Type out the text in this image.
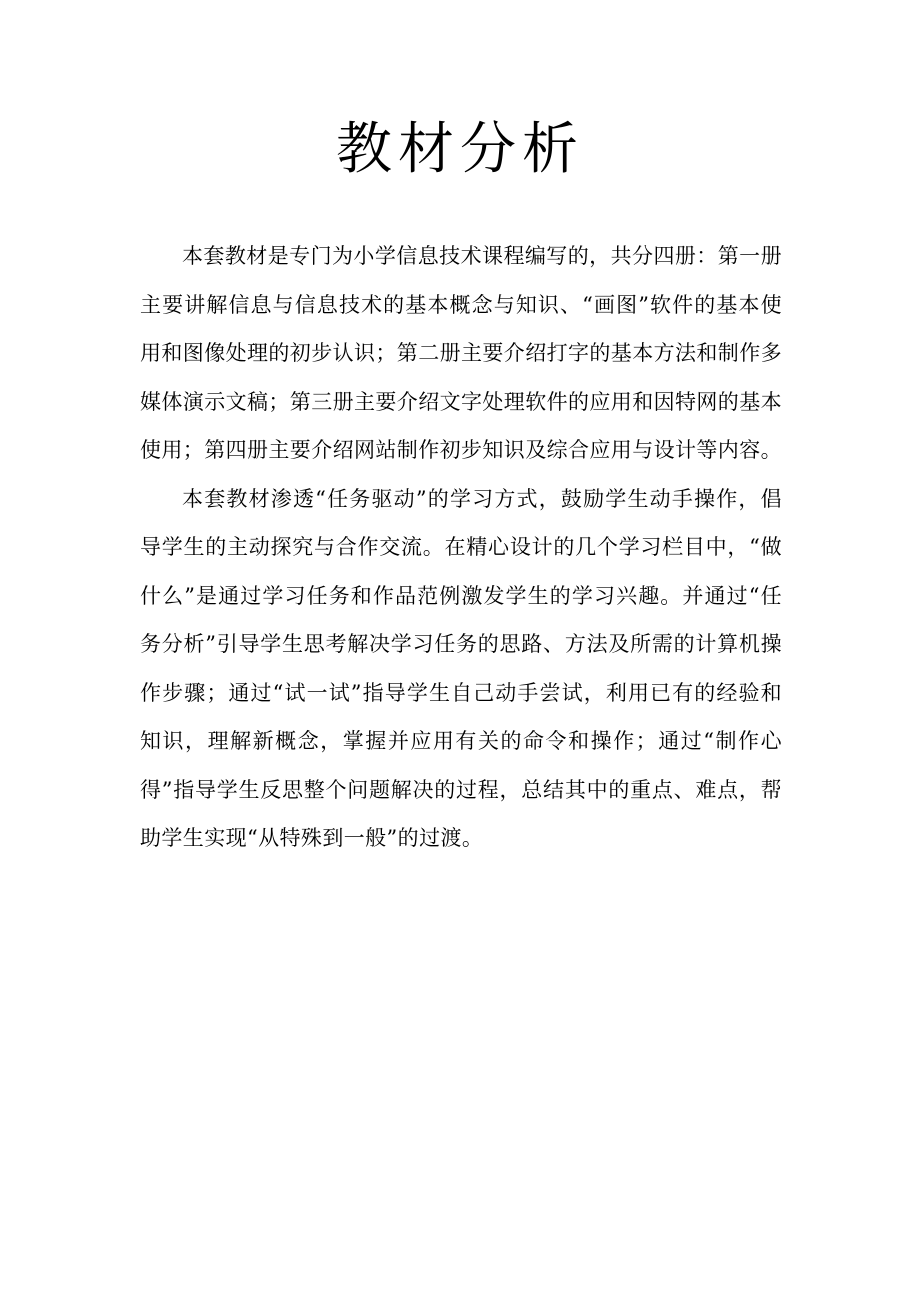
教材分析

本套教材是专门为小学信息技术课程编写的，共分四册：第一册主要讲解信息与信息技术的基本概念与知识、“画图”软件的基本使用和图像处理的初步认识；第二册主要介绍打字的基本方法和制作多媒体演示文稿；第三册主要介绍文字处理软件的应用和因特网的基本使用；第四册主要介绍网站制作初步知识及综合应用与设计等内容。

本套教材渗透“任务驱动”的学习方式，鼓励学生动手操作，倡导学生的主动探究与合作交流。在精心设计的几个学习栏目中，“做什么”是通过学习任务和作品范例激发学生的学习兴趣。并通过“任务分析”引导学生思考解决学习任务的思路、方法及所需的计算机操作步骤；通过“试一试”指导学生自己动手尝试，利用已有的经验和知识，理解新概念，掌握并应用有关的命令和操作；通过“制作心得”指导学生反思整个问题解决的过程，总结其中的重点、难点，帮助学生实现“从特殊到一般”的过渡。
